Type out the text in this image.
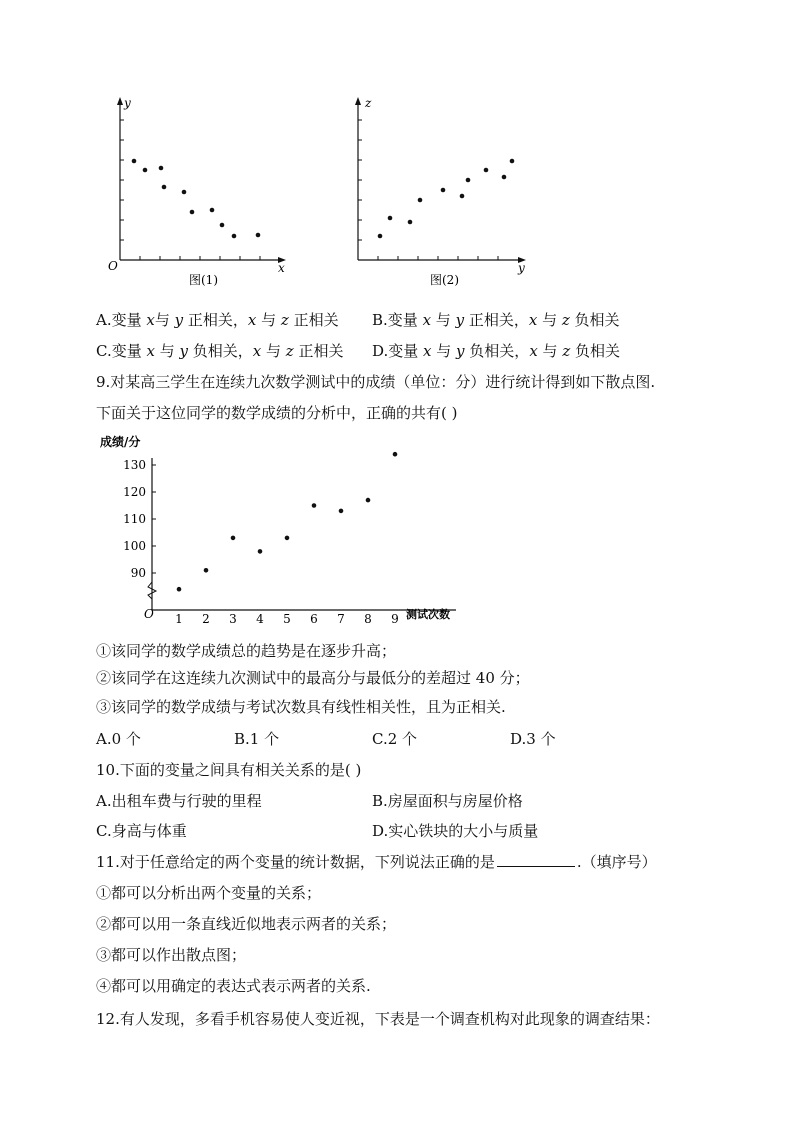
y
x
O
图(1)
z
y
图(2)
A.变量 x与 y 正相关，x 与 z 正相关 B.变量 x 与 y 正相关，x 与 z 负相关
C.变量 x 与 y 负相关，x 与 z 正相关 D.变量 x 与 y 负相关，x 与 z 负相关
9.对某高三学生在连续九次数学测试中的成绩（单位：分）进行统计得到如下散点图.
下面关于这位同学的数学成绩的分析中，正确的共有( )
成绩/分
O	测试次数
90
100
110
120
130
1 2 3 4 5 6 7 8 9
①该同学的数学成绩总的趋势是在逐步升高；
②该同学在这连续九次测试中的最高分与最低分的差超过 40 分；
③该同学的数学成绩与考试次数具有线性相关性，且为正相关.
A.0 个	B.1 个	C.2 个	D.3 个
10.下面的变量之间具有相关关系的是( )
A.出租车费与行驶的里程	B.房屋面积与房屋价格
C.身高与体重	D.实心铁块的大小与质量
11.对于任意给定的两个变量的统计数据，下列说法正确的是	.（填序号）
①都可以分析出两个变量的关系；
②都可以用一条直线近似地表示两者的关系；
③都可以作出散点图；
④都可以用确定的表达式表示两者的关系.
12.有人发现，多看手机容易使人变近视，下表是一个调查机构对此现象的调查结果：
